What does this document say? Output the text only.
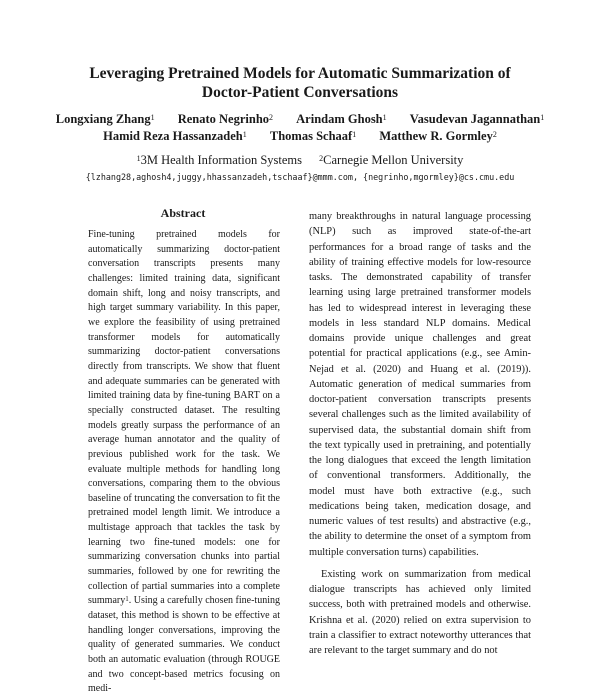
Leveraging Pretrained Models for Automatic Summarization of
Doctor-Patient Conversations
Longxiang Zhang$^1$ Renato Negrinho$^2$ Arindam Ghosh$^1$ Vasudevan Jagannathan$^1$
Hamid Reza Hassanzadeh$^1$ Thomas Schaaf$^1$ Matthew R. Gormley$^2$
$^1$3M Health Information Systems $^2$Carnegie Mellon University
{lzhang28,aghosh4,juggy,hhassanzadeh,tschaaf}@mmm.com, {negrinho,mgormley}@cs.cmu.edu
Abstract

Fine-tuning pretrained models for automatically summarizing doctor-patient conversation transcripts presents many challenges: limited training data, significant domain shift, long and noisy transcripts, and high target summary variability. In this paper, we explore the feasibility of using pretrained transformer models for automatically summarizing doctor-patient conversations directly from transcripts. We show that fluent and adequate summaries can be generated with limited training data by fine-tuning BART on a specially constructed dataset. The resulting models greatly surpass the performance of an average human annotator and the quality of previous published work for the task. We evaluate multiple methods for handling long conversations, comparing them to the obvious baseline of truncating the conversation to fit the pretrained model length limit. We introduce a multistage approach that tackles the task by learning two fine-tuned models: one for summarizing conversation chunks into partial summaries, followed by one for rewriting the collection of partial summaries into a complete summary$^1$. Using a carefully chosen fine-tuning dataset, this method is shown to be effective at handling longer conversations, improving the quality of generated summaries. We conduct both an automatic evaluation (through ROUGE and two concept-based metrics focusing on medi-

many breakthroughs in natural language processing (NLP) such as improved state-of-the-art performances for a broad range of tasks and the ability of training effective models for low-resource tasks. The demonstrated capability of transfer learning using large pretrained transformer models has led to widespread interest in leveraging these models in less standard NLP domains. Medical domains provide unique challenges and great potential for practical applications (e.g., see Amin-Nejad et al. (2020) and Huang et al. (2019)). Automatic generation of medical summaries from doctor-patient conversation transcripts presents several challenges such as the limited availability of supervised data, the substantial domain shift from the text typically used in pretraining, and potentially the long dialogues that exceed the length limitation of conventional transformers. Additionally, the model must have both extractive (e.g., such medications being taken, medication dosage, and numeric values of test results) and abstractive (e.g., the ability to determine the onset of a symptom from multiple conversation turns) capabilities.

Existing work on summarization from medical dialogue transcripts has achieved only limited success, both with pretrained models and otherwise. Krishna et al. (2020) relied on extra supervision to train a classifier to extract noteworthy utterances that are relevant to the target summary and do not
